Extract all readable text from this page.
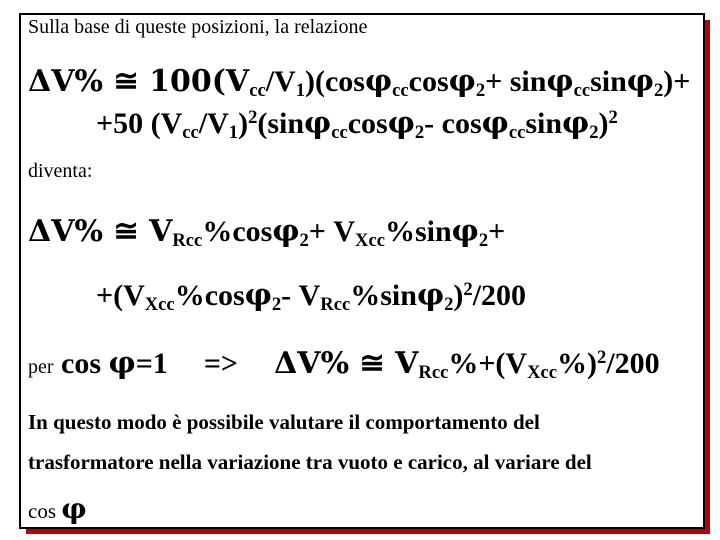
Sulla base di queste posizioni, la relazione
ΔV% ≅ $100(V_{cc}/V_1)(\cos\varphi_{cc}\cos\varphi_2+ \sin\varphi_{cc}\sin\varphi_2)+$
+50 $(V_{cc}/V_1)^2(\sin\varphi_{cc}\cos\varphi_2-$ cosφ$_{cc}$sinφ$_2$)$^2$
diventa:
ΔV% ≅ $V_{Rcc}\%\cos\varphi_2+ V_{Xcc}\%\sin\varphi_2+$
$+(V_{Xcc}\%\cos\varphi_2-$ $V_{Rcc}\%\sin\varphi_2)^2/200$
per cos φ=1 => ΔV% ≅ $V_{Rcc}\%+(V_{Xcc}\%)^2/200$
In questo modo è possibile valutare il comportamento del
trasformatore nella variazione tra vuoto e carico, al variare del
cos φ
